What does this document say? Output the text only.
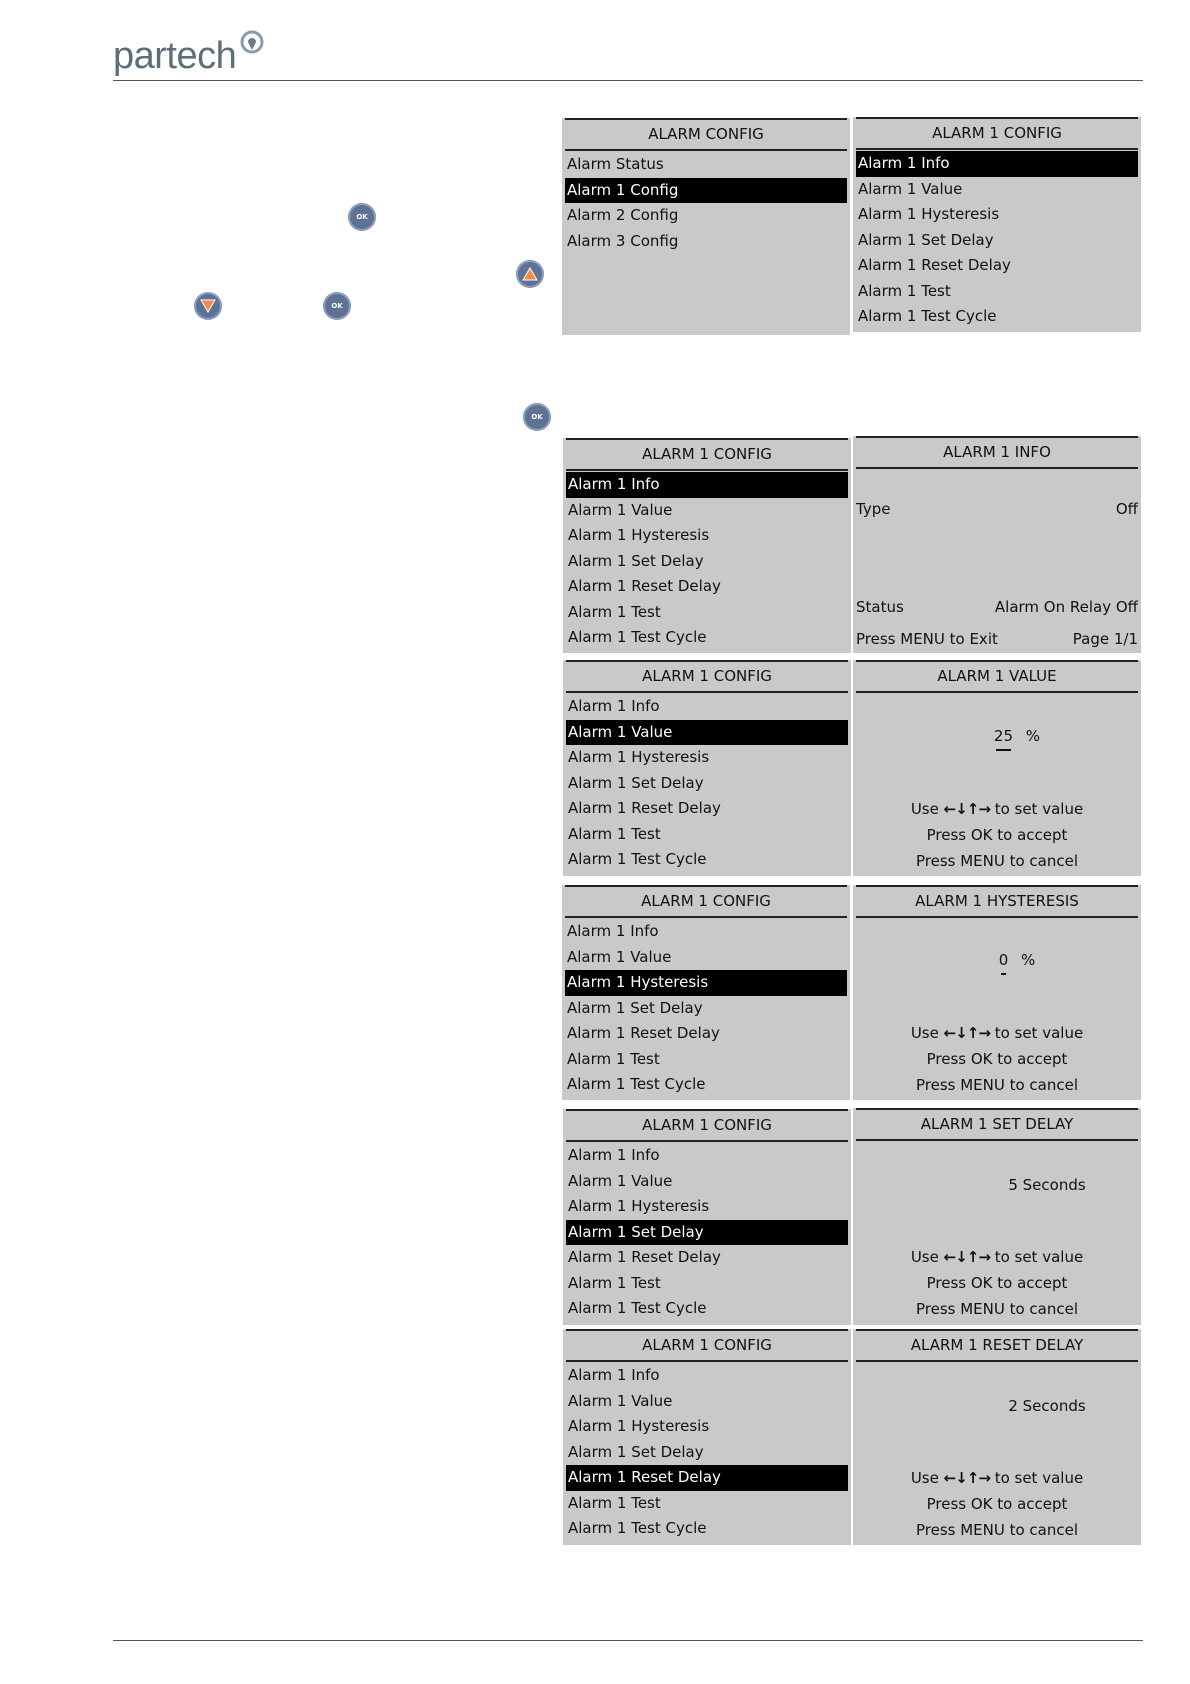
partech
OK
OK
OK
ALARM CONFIG
Alarm Status
Alarm 1 Config
Alarm 2 Config
Alarm 3 Config
ALARM 1 CONFIG
Alarm 1 Info
Alarm 1 Value
Alarm 1 Hysteresis
Alarm 1 Set Delay
Alarm 1 Reset Delay
Alarm 1 Test
Alarm 1 Test Cycle
ALARM 1 CONFIG
Alarm 1 Info
Alarm 1 Value
Alarm 1 Hysteresis
Alarm 1 Set Delay
Alarm 1 Reset Delay
Alarm 1 Test
Alarm 1 Test Cycle
ALARM 1 INFO
Type	Off
Status	Alarm On Relay Off
Press MENU to Exit	Page 1/1
ALARM 1 CONFIG
Alarm 1 Info
Alarm 1 Value
Alarm 1 Hysteresis
Alarm 1 Set Delay
Alarm 1 Reset Delay
Alarm 1 Test
Alarm 1 Test Cycle
ALARM 1 VALUE
25 %
Use ←↓↑→ to set value
Press OK to accept
Press MENU to cancel
ALARM 1 CONFIG
Alarm 1 Info
Alarm 1 Value
Alarm 1 Hysteresis
Alarm 1 Set Delay
Alarm 1 Reset Delay
Alarm 1 Test
Alarm 1 Test Cycle
ALARM 1 HYSTERESIS
0 %
Use ←↓↑→ to set value
Press OK to accept
Press MENU to cancel
ALARM 1 CONFIG
Alarm 1 Info
Alarm 1 Value
Alarm 1 Hysteresis
Alarm 1 Set Delay
Alarm 1 Reset Delay
Alarm 1 Test
Alarm 1 Test Cycle
ALARM 1 SET DELAY
5 Seconds
Use ←↓↑→ to set value
Press OK to accept
Press MENU to cancel
ALARM 1 CONFIG
Alarm 1 Info
Alarm 1 Value
Alarm 1 Hysteresis
Alarm 1 Set Delay
Alarm 1 Reset Delay
Alarm 1 Test
Alarm 1 Test Cycle
ALARM 1 RESET DELAY
2 Seconds
Use ←↓↑→ to set value
Press OK to accept
Press MENU to cancel
